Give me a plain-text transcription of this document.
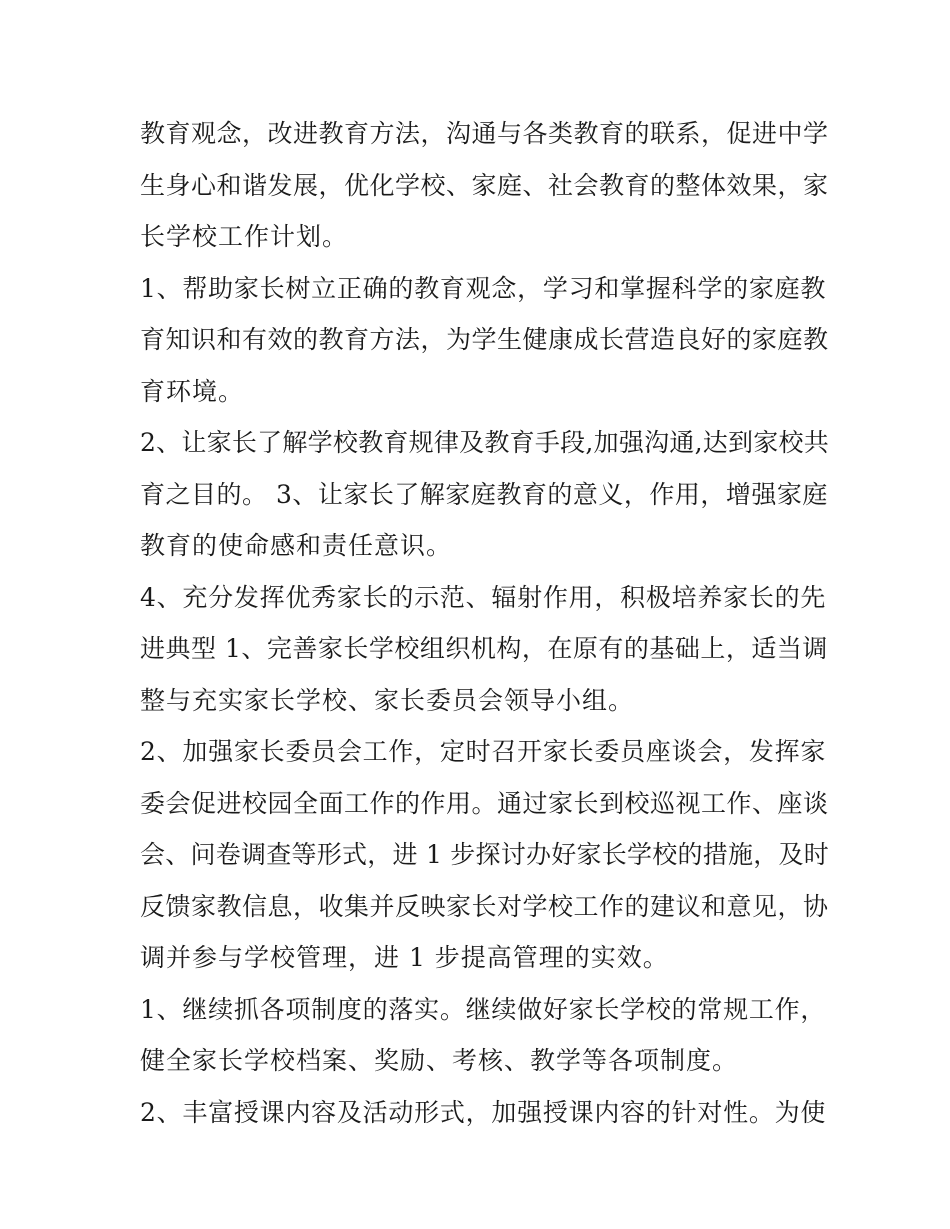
教育观念，改进教育方法，沟通与各类教育的联系，促进中学
生身心和谐发展，优化学校、家庭、社会教育的整体效果，家
长学校工作计划。
1、帮助家长树立正确的教育观念，学习和掌握科学的家庭教
育知识和有效的教育方法，为学生健康成长营造良好的家庭教
育环境。
2、让家长了解学校教育规律及教育手段,加强沟通,达到家校共
育之目的。 3、让家长了解家庭教育的意义，作用，增强家庭
教育的使命感和责任意识。
4、充分发挥优秀家长的示范、辐射作用，积极培养家长的先
进典型 1、完善家长学校组织机构，在原有的基础上，适当调
整与充实家长学校、家长委员会领导小组。
2、加强家长委员会工作，定时召开家长委员座谈会，发挥家
委会促进校园全面工作的作用。通过家长到校巡视工作、座谈
会、问卷调查等形式，进 1 步探讨办好家长学校的措施，及时
反馈家教信息，收集并反映家长对学校工作的建议和意见，协
调并参与学校管理，进 1 步提高管理的实效。
1、继续抓各项制度的落实。继续做好家长学校的常规工作，
健全家长学校档案、奖励、考核、教学等各项制度。
2、丰富授课内容及活动形式，加强授课内容的针对性。为使
